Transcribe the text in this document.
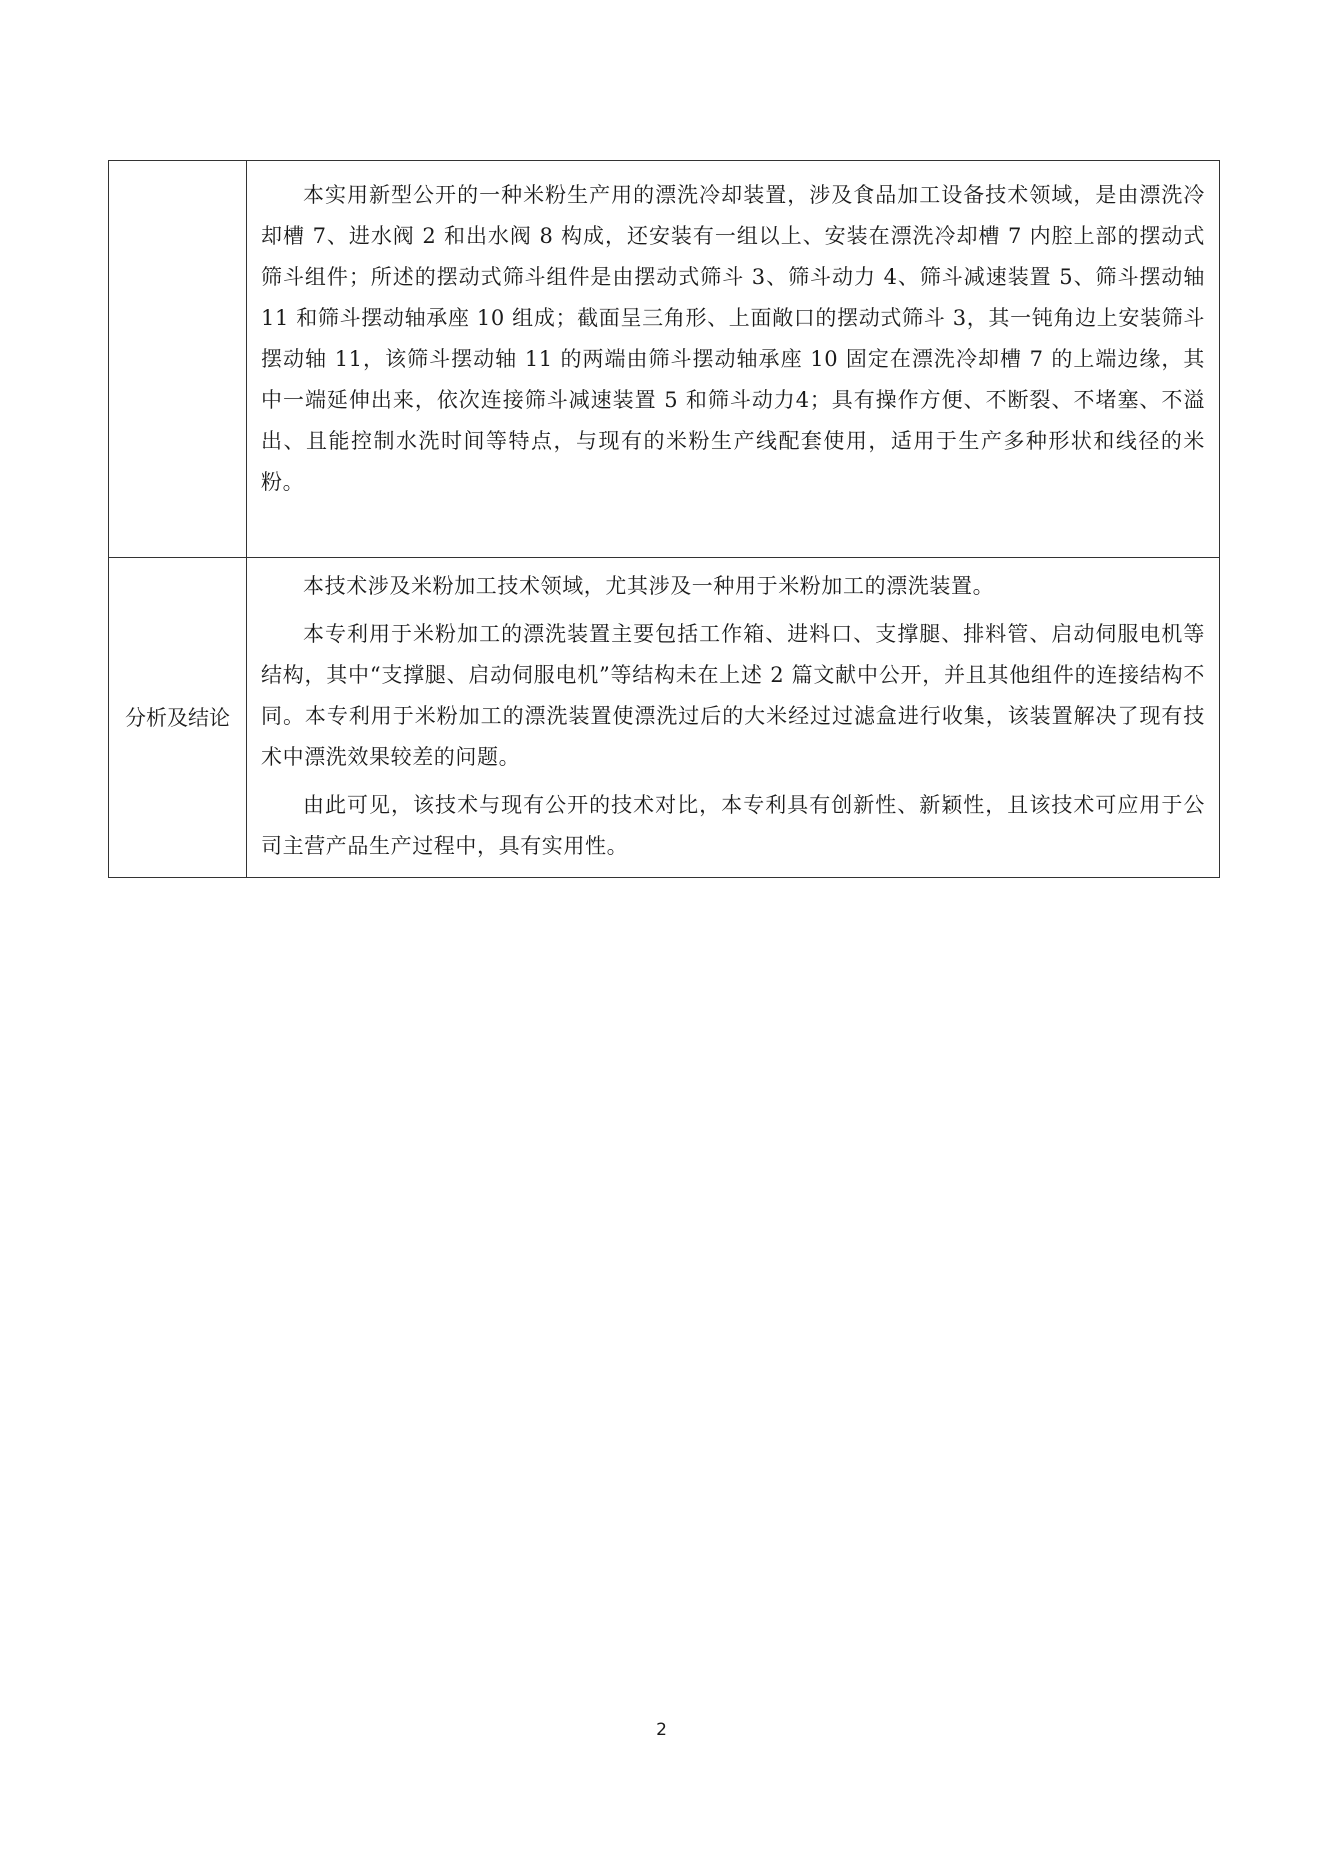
	本实用新型公开的一种米粉生产用的漂洗冷却装置，涉及食品加工设备技术领域，是由漂洗冷却槽 7、进水阀 2 和出水阀 8 构成，还安装有一组以上、安装在漂洗冷却槽 7 内腔上部的摆动式筛斗组件；所述的摆动式筛斗组件是由摆动式筛斗 3、筛斗动力 4、筛斗减速装置 5、筛斗摆动轴 11 和筛斗摆动轴承座 10 组成；截面呈三角形、上面敞口的摆动式筛斗 3，其一钝角边上安装筛斗摆动轴 11，该筛斗摆动轴 11 的两端由筛斗摆动轴承座 10 固定在漂洗冷却槽 7 的上端边缘，其中一端延伸出来，依次连接筛斗减速装置 5 和筛斗动力4；具有操作方便、不断裂、不堵塞、不溢出、且能控制水洗时间等特点，与现有的米粉生产线配套使用，适用于生产多种形状和线径的米粉。

分析及结论	本技术涉及米粉加工技术领域，尤其涉及一种用于米粉加工的漂洗装置。

本专利用于米粉加工的漂洗装置主要包括工作箱、进料口、支撑腿、排料管、启动伺服电机等结构，其中“支撑腿、启动伺服电机”等结构未在上述 2 篇文献中公开，并且其他组件的连接结构不同。本专利用于米粉加工的漂洗装置使漂洗过后的大米经过过滤盒进行收集，该装置解决了现有技术中漂洗效果较差的问题。

由此可见，该技术与现有公开的技术对比，本专利具有创新性、新颖性，且该技术可应用于公司主营产品生产过程中，具有实用性。

2
